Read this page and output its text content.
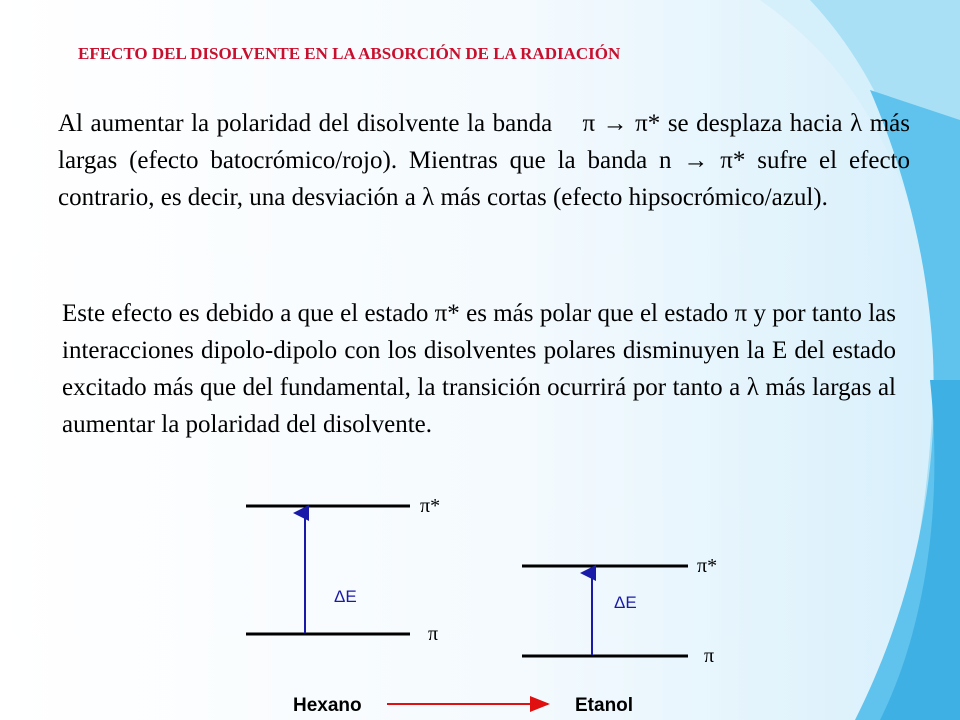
EFECTO DEL DISOLVENTE EN LA ABSORCIÓN DE LA RADIACIÓN
Al aumentar la polaridad del disolvente la banda    π → π* se desplaza hacia λ más largas (efecto batocrómico/rojo). Mientras que la banda n → π* sufre el efecto contrario, es decir, una desviación a λ más cortas (efecto hipsocrómico/azul).
Este efecto es debido a que el estado π* es más polar que el estado π y por tanto las interacciones dipolo-dipolo con los disolventes polares disminuyen la E del estado excitado más que del fundamental, la transición ocurrirá por tanto a λ más largas al aumentar la polaridad del disolvente.
π*
π
ΔE
π*
π
ΔE
Hexano	Etanol
